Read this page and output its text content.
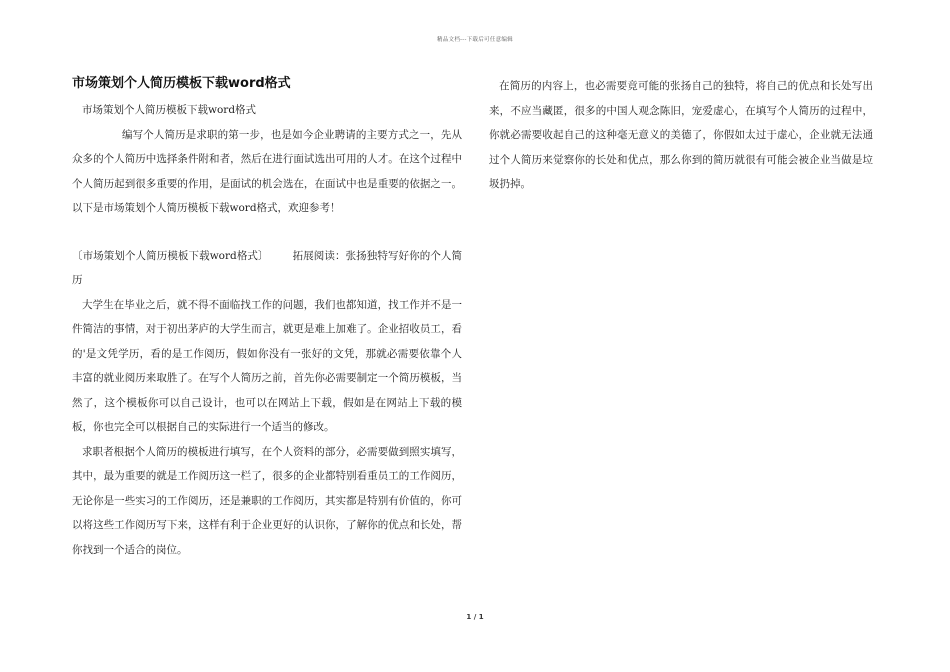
精品文档---下载后可任意编辑
市场策划个人简历模板下载word格式

市场策划个人简历模板下载word格式

编写个人简历是求职的第一步，也是如今企业聘请的主要方式之一，先从众多的个人简历中选择条件附和者，然后在进行面试选出可用的人才。在这个过程中个人简历起到很多重要的作用，是面试的机会选在，在面试中也是重要的依据之一。以下是市场策划个人简历模板下载word格式，欢迎参考！

〔市场策划个人简历模板下载word格式〕 拓展阅读：张扬独特写好你的个人简历

大学生在毕业之后，就不得不面临找工作的问题，我们也都知道，找工作并不是一件简洁的事情，对于初出茅庐的大学生而言，就更是难上加难了。企业招收员工，看的'是文凭学历，看的是工作阅历，假如你没有一张好的文凭，那就必需要依靠个人丰富的就业阅历来取胜了。在写个人简历之前，首先你必需要制定一个简历模板，当然了，这个模板你可以自己设计，也可以在网站上下载，假如是在网站上下载的模板，你也完全可以根据自己的实际进行一个适当的修改。

求职者根据个人简历的模板进行填写，在个人资料的部分，必需要做到照实填写，其中，最为重要的就是工作阅历这一栏了，很多的企业都特别看重员工的工作阅历，无论你是一些实习的工作阅历，还是兼职的工作阅历，其实都是特别有价值的，你可以将这些工作阅历写下来，这样有利于企业更好的认识你，了解你的优点和长处，帮你找到一个适合的岗位。

在简历的内容上，也必需要竟可能的张扬自己的独特，将自己的优点和长处写出来，不应当藏匿，很多的中国人观念陈旧，宠爱虚心，在填写个人简历的过程中，你就必需要收起自己的这种毫无意义的美德了，你假如太过于虚心，企业就无法通过个人简历来觉察你的长处和优点，那么你到的简历就很有可能会被企业当做是垃圾扔掉。

1 / 1
